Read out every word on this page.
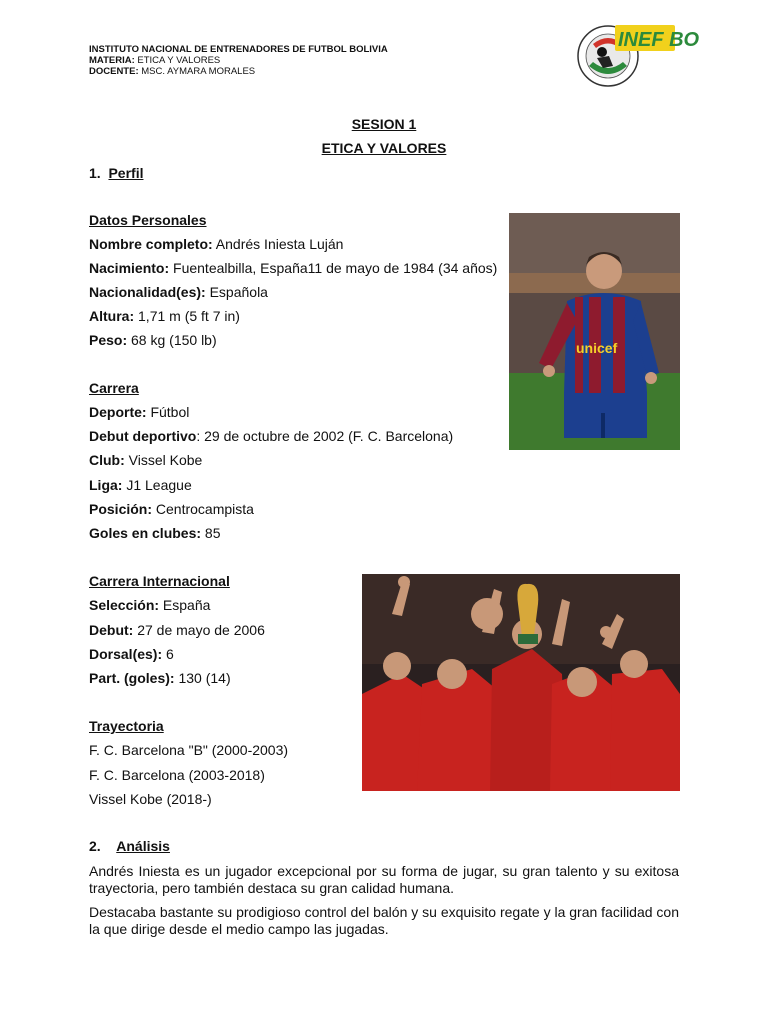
INSTITUTO NACIONAL DE ENTRENADORES DE FUTBOL BOLIVIA
MATERIA: ETICA Y VALORES
DOCENTE: MSC. AYMARA MORALES
INEF BO
SESION 1
ETICA Y VALORES
1. Perfil
Datos Personales
Nombre completo: Andrés Iniesta Luján
Nacimiento: Fuentealbilla, España11 de mayo de 1984 (34 años)
Nacionalidad(es): Española
Altura: 1,71 m (5 ft 7 in)
Peso: 68 kg (150 lb)
Carrera
Deporte: Fútbol
Debut deportivo: 29 de octubre de 2002 (F. C. Barcelona)
Club: Vissel Kobe
Liga: J1 League
Posición: Centrocampista
Goles en clubes: 85
Carrera Internacional
Selección: España
Debut: 27 de mayo de 2006
Dorsal(es): 6
Part. (goles): 130 (14)
Trayectoria
F. C. Barcelona "B" (2000-2003)
F. C. Barcelona (2003-2018)
Vissel Kobe (2018-)
2. Análisis
Andrés Iniesta es un jugador excepcional por su forma de jugar, su gran talento y su exitosa trayectoria, pero también destaca su gran calidad humana.
Destacaba bastante su prodigioso control del balón y su exquisito regate y la gran facilidad con la que dirige desde el medio campo las jugadas.
unicef
